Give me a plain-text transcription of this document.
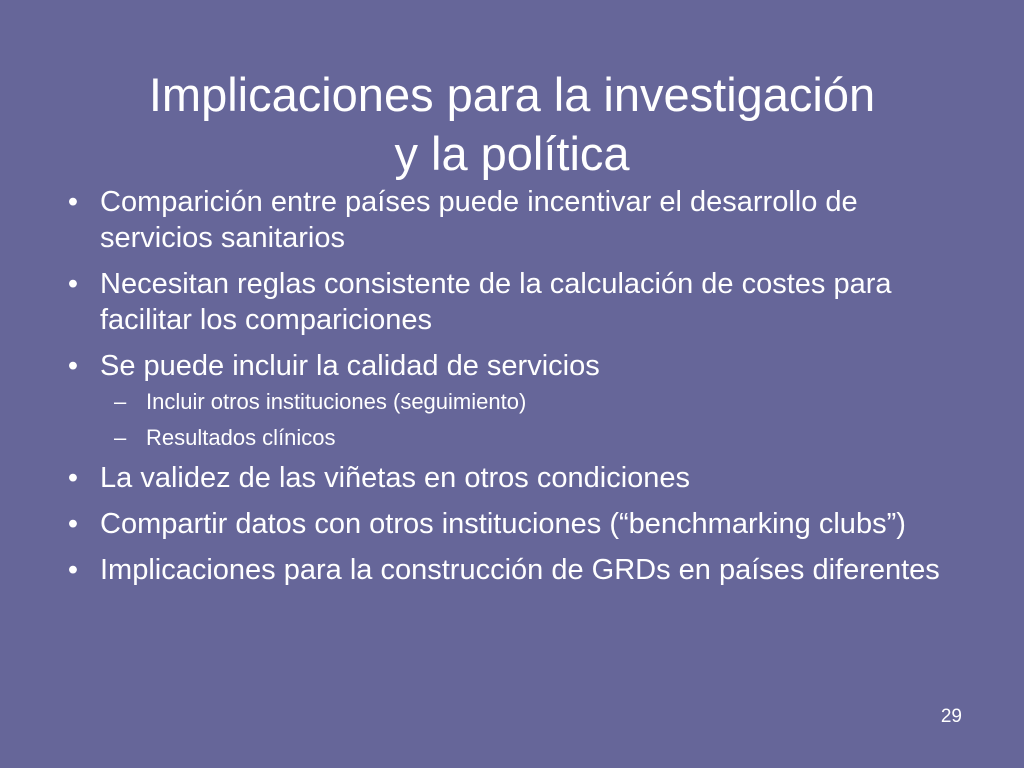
Implicaciones para la investigación
y la política
• Comparición entre países puede incentivar el desarrollo de servicios sanitarios
• Necesitan reglas consistente de la calculación de costes para facilitar los compariciones
• Se puede incluir la calidad de servicios
– Incluir otros instituciones (seguimiento)
– Resultados clínicos
• La validez de las viñetas en otros condiciones
• Compartir datos con otros instituciones (“benchmarking clubs”)
• Implicaciones para la construcción de GRDs en países diferentes
29
